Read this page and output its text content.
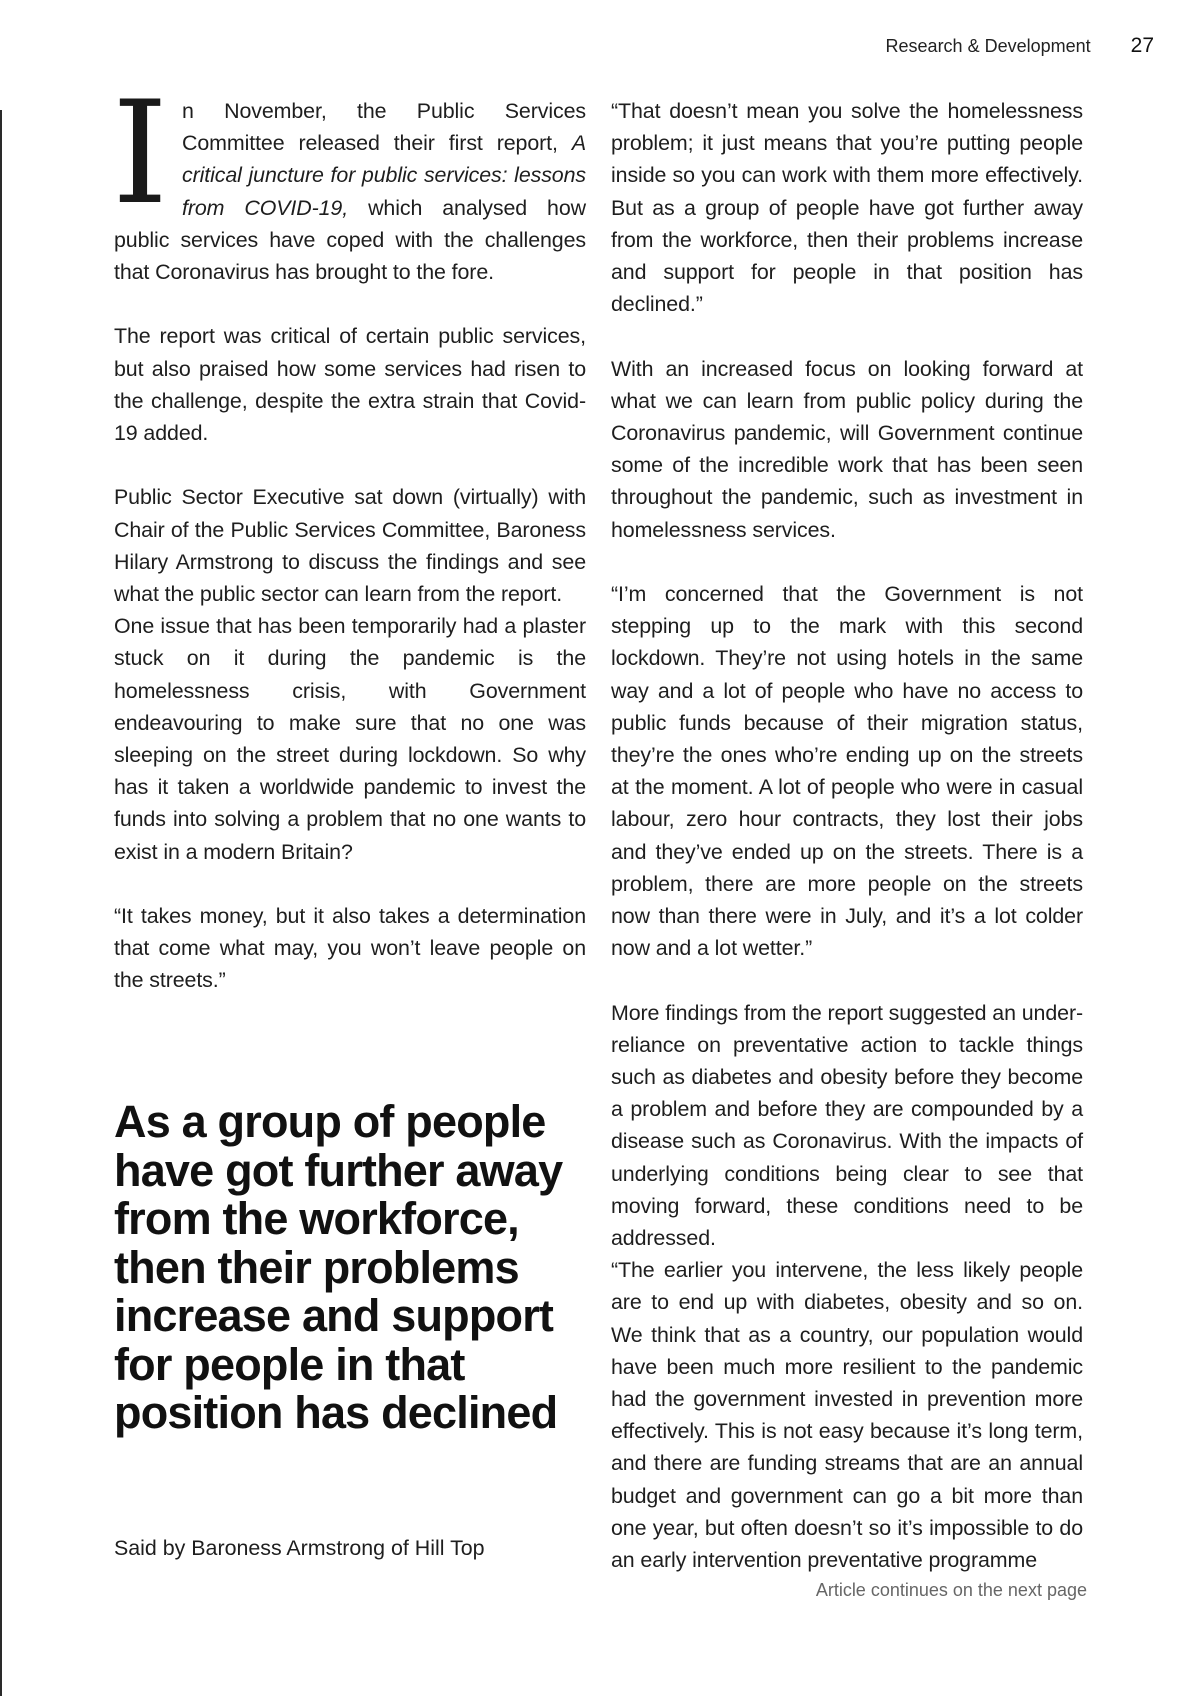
Research & Development 27

In November, the Public Services Committee released their first report, A critical juncture for public services: lessons from COVID-19, which analysed how public services have coped with the challenges that Coronavirus has brought to the fore.

The report was critical of certain public services, but also praised how some services had risen to the challenge, despite the extra strain that Covid-19 added.

Public Sector Executive sat down (virtually) with Chair of the Public Services Committee, Baroness Hilary Armstrong to discuss the findings and see what the public sector can learn from the report.

One issue that has been temporarily had a plaster stuck on it during the pandemic is the homelessness crisis, with Government endeavouring to make sure that no one was sleeping on the street during lockdown. So why has it taken a worldwide pandemic to invest the funds into solving a problem that no one wants to exist in a modern Britain?

“It takes money, but it also takes a determination that come what may, you won’t leave people on the streets.”

As a group of people have got further away from the workforce, then their problems increase and support for people in that position has declined
Said by Baroness Armstrong of Hill Top

“That doesn’t mean you solve the homelessness problem; it just means that you’re putting people inside so you can work with them more effectively. But as a group of people have got further away from the workforce, then their problems increase and support for people in that position has declined.”

With an increased focus on looking forward at what we can learn from public policy during the Coronavirus pandemic, will Government continue some of the incredible work that has been seen throughout the pandemic, such as investment in homelessness services.

“I’m concerned that the Government is not stepping up to the mark with this second lockdown. They’re not using hotels in the same way and a lot of people who have no access to public funds because of their migration status, they’re the ones who’re ending up on the streets at the moment. A lot of people who were in casual labour, zero hour contracts, they lost their jobs and they’ve ended up on the streets. There is a problem, there are more people on the streets now than there were in July, and it’s a lot colder now and a lot wetter.”

More findings from the report suggested an under-reliance on preventative action to tackle things such as diabetes and obesity before they become a problem and before they are compounded by a disease such as Coronavirus. With the impacts of underlying conditions being clear to see that moving forward, these conditions need to be addressed.

“The earlier you intervene, the less likely people are to end up with diabetes, obesity and so on. We think that as a country, our population would have been much more resilient to the pandemic had the government invested in prevention more effectively. This is not easy because it’s long term, and there are funding streams that are an annual budget and government can go a bit more than one year, but often doesn’t so it’s impossible to do an early intervention preventative programme

Article continues on the next page
